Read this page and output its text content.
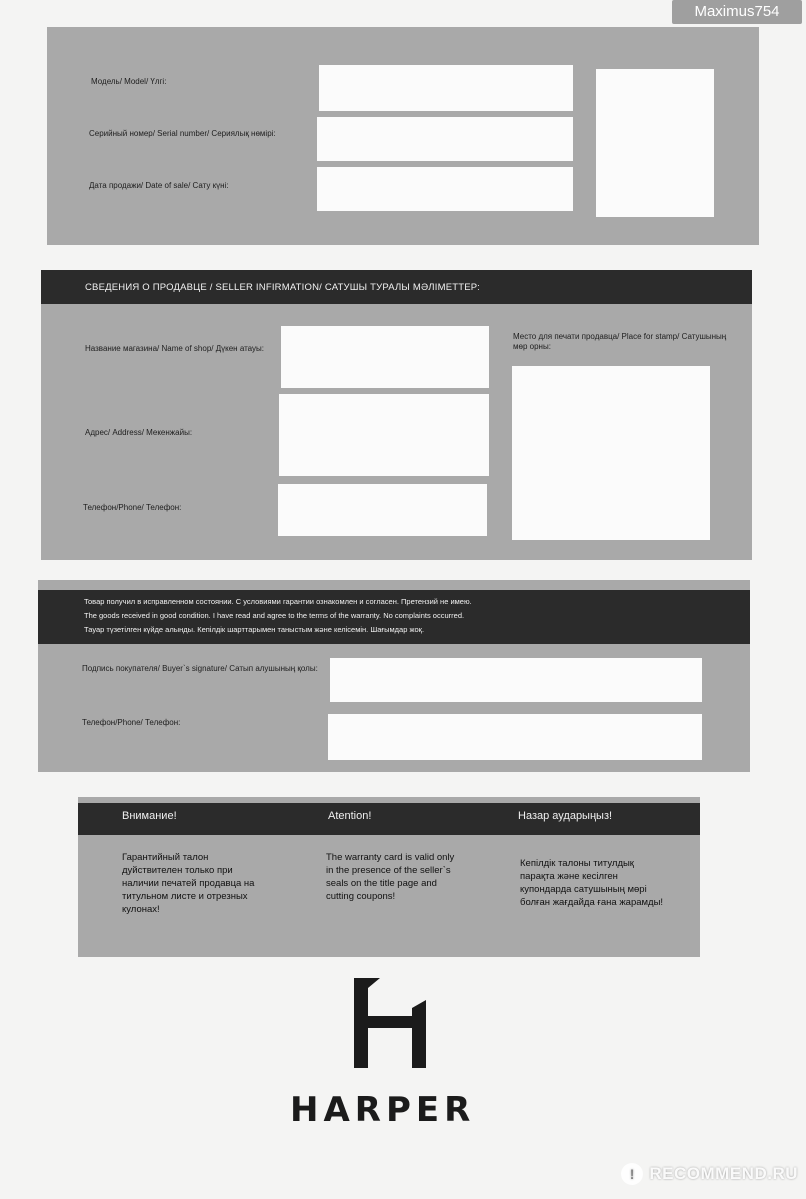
Maximus754
Модель/ Model/ Үлгі:
Серийный номер/ Serial number/ Сериялық нөмірі:
Дата продажи/ Date of sale/ Сату күні:
СВЕДЕНИЯ О ПРОДАВЦЕ / SELLER INFIRMATION/ САТУШЫ ТУРАЛЫ МӘЛІМЕТТЕР:
Название магазина/ Name of shop/ Дүкен атауы:
Адрес/ Address/ Мекенжайы:
Телефон/Phone/ Телефон:
Место для печати продавца/ Place for stamp/ Сатушының мөр орны:
Товар получил в исправленном состоянии. С условиями гарантии ознакомлен и согласен. Претензий не имею.
The goods received in good condition. I have read and agree to the terms of the warranty. No complaints occurred.
Тауар түзетілген күйде алынды. Кепілдік шарттарымен таныстым және келісемін. Шағымдар жоқ.
Подпись покупателя/ Buyer`s signature/ Сатып алушының қолы:
Телефон/Phone/ Телефон:
Внимание!	Atention!	Назар аударыңыз!
Гарантийный талон дуйствителен только при наличии печатей продавца на титульном листе и отрезных кулонах!
The warranty card is valid only in the presence of the seller`s seals on the title page and cutting coupons!
Кепілдік талоны титулдық парақта және кесілген купондарда сатушының мөрі болған жағдайда ғана жарамды!
HARPER
! RECOMMEND.RU
